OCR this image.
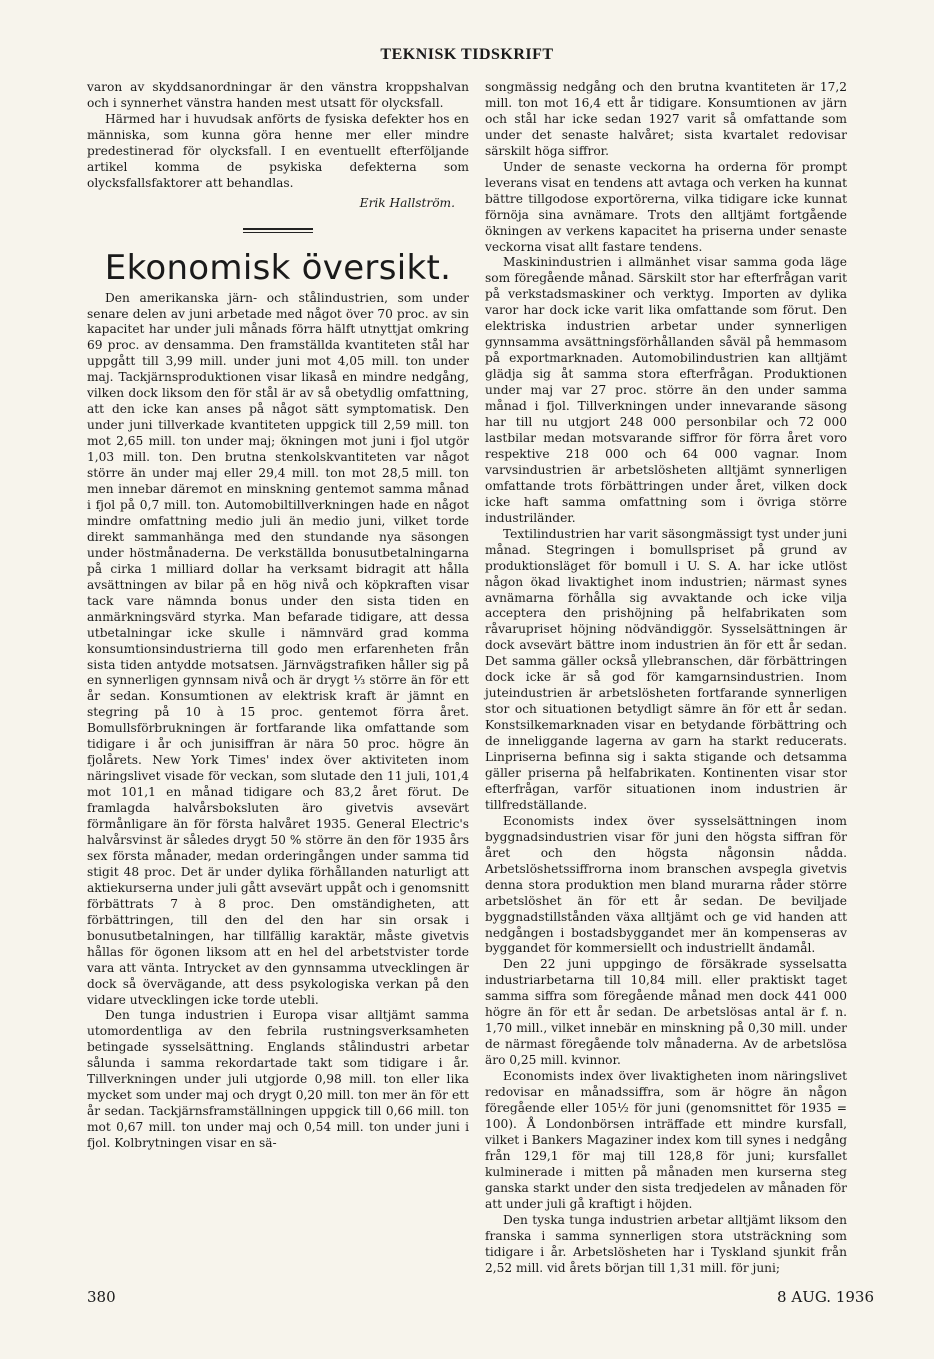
TEKNISK TIDSKRIFT

varon av skyddsanordningar är den vänstra kroppshalvan och i synnerhet vänstra handen mest utsatt för olycksfall.

Härmed har i huvudsak anförts de fysiska defekter hos en människa, som kunna göra henne mer eller mindre predestinerad för olycksfall. I en eventuellt efterföljande artikel komma de psykiska defekterna som olycksfallsfaktorer att behandlas.

Erik Hallström.
Ekonomisk översikt.

Den amerikanska järn- och stålindustrien, som under senare delen av juni arbetade med något över 70 proc. av sin kapacitet har under juli månads förra hälft utnyttjat omkring 69 proc. av densamma. Den framställda kvantiteten stål har uppgått till 3,99 mill. under juni mot 4,05 mill. ton under maj. Tackjärnsproduktionen visar likaså en mindre nedgång, vilken dock liksom den för stål är av så obetydlig omfattning, att den icke kan anses på något sätt symptomatisk. Den under juni tillverkade kvantiteten uppgick till 2,59 mill. ton mot 2,65 mill. ton under maj; ökningen mot juni i fjol utgör 1,03 mill. ton. Den brutna stenkolskvantiteten var något större än under maj eller 29,4 mill. ton mot 28,5 mill. ton men innebar däremot en minskning gentemot samma månad i fjol på 0,7 mill. ton. Automobiltillverkningen hade en något mindre omfattning medio juli än medio juni, vilket torde direkt sammanhänga med den stundande nya säsongen under höstmånaderna. De verkställda bonusutbetalningarna på cirka 1 milliard dollar ha verksamt bidragit att hålla avsättningen av bilar på en hög nivå och köpkraften visar tack vare nämnda bonus under den sista tiden en anmärkningsvärd styrka. Man befarade tidigare, att dessa utbetalningar icke skulle i nämnvärd grad komma konsumtionsindustrierna till godo men erfarenheten från sista tiden antydde motsatsen. Järnvägstrafiken håller sig på en synnerligen gynnsam nivå och är drygt ⅓ större än för ett år sedan. Konsumtionen av elektrisk kraft är jämnt en stegring på 10 à 15 proc. gentemot förra året. Bomullsförbrukningen är fortfarande lika omfattande som tidigare i år och junisiffran är nära 50 proc. högre än fjolårets. New York Times' index över aktiviteten inom näringslivet visade för veckan, som slutade den 11 juli, 101,4 mot 101,1 en månad tidigare och 83,2 året förut. De framlagda halvårsboksluten äro givetvis avsevärt förmånligare än för första halvåret 1935. General Electric's halvårsvinst är således drygt 50 % större än den för 1935 års sex första månader, medan orderingången under samma tid stigit 48 proc. Det är under dylika förhållanden naturligt att aktiekurserna under juli gått avsevärt uppåt och i genomsnitt förbättrats 7 à 8 proc. Den omständigheten, att förbättringen, till den del den har sin orsak i bonusutbetalningen, har tillfällig karaktär, måste givetvis hållas för ögonen liksom att en hel del arbetstvister torde vara att vänta. Intrycket av den gynnsamma utvecklingen är dock så övervägande, att dess psykologiska verkan på den vidare utvecklingen icke torde utebli.

Den tunga industrien i Europa visar alltjämt samma utomordentliga av den febrila rustningsverksamheten betingade sysselsättning. Englands stålindustri arbetar sålunda i samma rekordartade takt som tidigare i år. Tillverkningen under juli utgjorde 0,98 mill. ton eller lika mycket som under maj och drygt 0,20 mill. ton mer än för ett år sedan. Tackjärnsframställningen uppgick till 0,66 mill. ton mot 0,67 mill. ton under maj och 0,54 mill. ton under juni i fjol. Kolbrytningen visar en sä-

songmässig nedgång och den brutna kvantiteten är 17,2 mill. ton mot 16,4 ett år tidigare. Konsumtionen av järn och stål har icke sedan 1927 varit så omfattande som under det senaste halvåret; sista kvartalet redovisar särskilt höga siffror.

Under de senaste veckorna ha orderna för prompt leverans visat en tendens att avtaga och verken ha kunnat bättre tillgodose exportörerna, vilka tidigare icke kunnat förnöja sina avnämare. Trots den alltjämt fortgående ökningen av verkens kapacitet ha priserna under senaste veckorna visat allt fastare tendens.

Maskinindustrien i allmänhet visar samma goda läge som föregående månad. Särskilt stor har efterfrågan varit på verkstadsmaskiner och verktyg. Importen av dylika varor har dock icke varit lika omfattande som förut. Den elektriska industrien arbetar under synnerligen gynnsamma avsättningsförhållanden såväl på hemmasom på exportmarknaden. Automobilindustrien kan alltjämt glädja sig åt samma stora efterfrågan. Produktionen under maj var 27 proc. större än den under samma månad i fjol. Tillverkningen under innevarande säsong har till nu utgjort 248 000 personbilar och 72 000 lastbilar medan motsvarande siffror för förra året voro respektive 218 000 och 64 000 vagnar. Inom varvsindustrien är arbetslösheten alltjämt synnerligen omfattande trots förbättringen under året, vilken dock icke haft samma omfattning som i övriga större industriländer.

Textilindustrien har varit säsongmässigt tyst under juni månad. Stegringen i bomullspriset på grund av produktionsläget för bomull i U. S. A. har icke utlöst någon ökad livaktighet inom industrien; närmast synes avnämarna förhålla sig avvaktande och icke vilja acceptera den prishöjning på helfabrikaten som råvarupriset höjning nödvändiggör. Sysselsättningen är dock avsevärt bättre inom industrien än för ett år sedan. Det samma gäller också yllebranschen, där förbättringen dock icke är så god för kamgarnsindustrien. Inom juteindustrien är arbetslösheten fortfarande synnerligen stor och situationen betydligt sämre än för ett år sedan. Konstsilkemarknaden visar en betydande förbättring och de inneliggande lagerna av garn ha starkt reducerats. Linpriserna befinna sig i sakta stigande och detsamma gäller priserna på helfabrikaten. Kontinenten visar stor efterfrågan, varför situationen inom industrien är tillfredställande.

Economists index över sysselsättningen inom byggnadsindustrien visar för juni den högsta siffran för året och den högsta någonsin nådda. Arbetslöshetssiffrorna inom branschen avspegla givetvis denna stora produktion men bland murarna råder större arbetslöshet än för ett år sedan. De beviljade byggnadstillstånden växa alltjämt och ge vid handen att nedgången i bostadsbyggandet mer än kompenseras av byggandet för kommersiellt och industriellt ändamål.

Den 22 juni uppgingo de försäkrade sysselsatta industriarbetarna till 10,84 mill. eller praktiskt taget samma siffra som föregående månad men dock 441 000 högre än för ett år sedan. De arbetslösas antal är f. n. 1,70 mill., vilket innebär en minskning på 0,30 mill. under de närmast föregående tolv månaderna. Av de arbetslösa äro 0,25 mill. kvinnor.

Economists index över livaktigheten inom näringslivet redovisar en månadssiffra, som är högre än någon föregående eller 105½ för juni (genomsnittet för 1935 = 100). Å Londonbörsen inträffade ett mindre kursfall, vilket i Bankers Magaziner index kom till synes i nedgång från 129,1 för maj till 128,8 för juni; kursfallet kulminerade i mitten på månaden men kurserna steg ganska starkt under den sista tredjedelen av månaden för att under juli gå kraftigt i höjden.

Den tyska tunga industrien arbetar alltjämt liksom den franska i samma synnerligen stora utsträckning som tidigare i år. Arbetslösheten har i Tyskland sjunkit från 2,52 mill. vid årets början till 1,31 mill. för juni;

380	8 AUG. 1936
